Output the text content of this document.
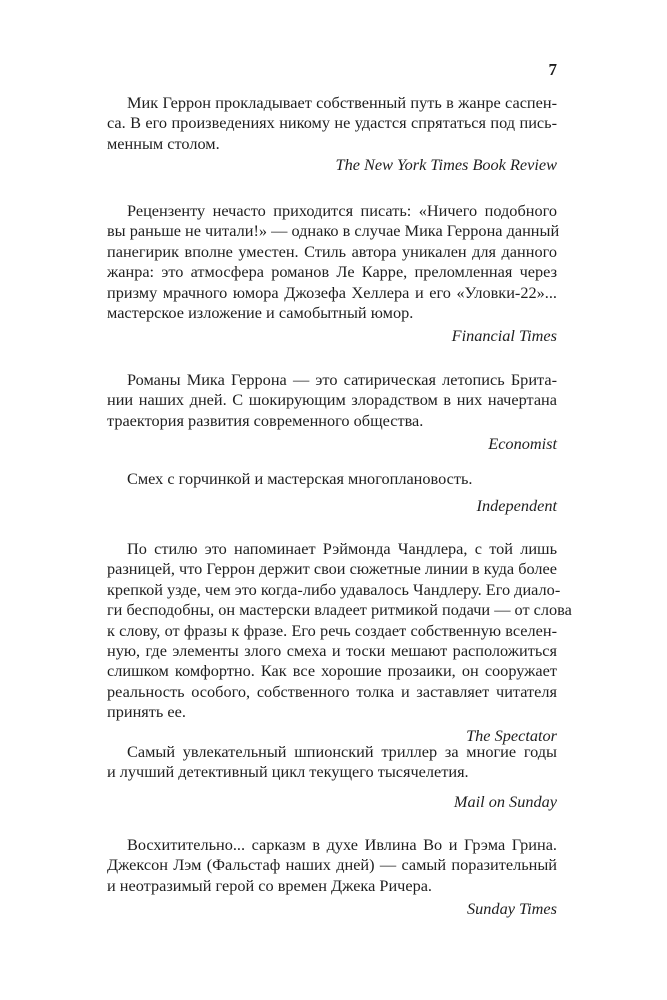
7
Мик Геррон прокладывает собственный путь в жанре саспен-
са. В его произведениях никому не удастся спрятаться под пись-
менным столом.
The New York Times Book Review
Рецензенту нечасто приходится писать: «Ничего подобного
вы раньше не читали!» — однако в случае Мика Геррона данный
панегирик вполне уместен. Стиль автора уникален для данного
жанра: это атмосфера романов Ле Карре, преломленная через
призму мрачного юмора Джозефа Хеллера и его «Уловки-22»...
мастерское изложение и самобытный юмор.
Financial Times
Романы Мика Геррона — это сатирическая летопись Брита-
нии наших дней. С шокирующим злорадством в них начертана
траектория развития современного общества.
Economist
Смех с горчинкой и мастерская многоплановость.
Independent
По стилю это напоминает Рэймонда Чандлера, с той лишь
разницей, что Геррон держит свои сюжетные линии в куда более
крепкой узде, чем это когда-либо удавалось Чандлеру. Его диало-
ги бесподобны, он мастерски владеет ритмикой подачи — от слова
к слову, от фразы к фразе. Его речь создает собственную вселен-
ную, где элементы злого смеха и тоски мешают расположиться
слишком комфортно. Как все хорошие прозаики, он сооружает
реальность особого, собственного толка и заставляет читателя
принять ее.
The Spectator
Самый увлекательный шпионский триллер за многие годы
и лучший детективный цикл текущего тысячелетия.
Mail on Sunday
Восхитительно... сарказм в духе Ивлина Во и Грэма Грина.
Джексон Лэм (Фальстаф наших дней) — самый поразительный
и неотразимый герой со времен Джека Ричера.
Sunday Times
